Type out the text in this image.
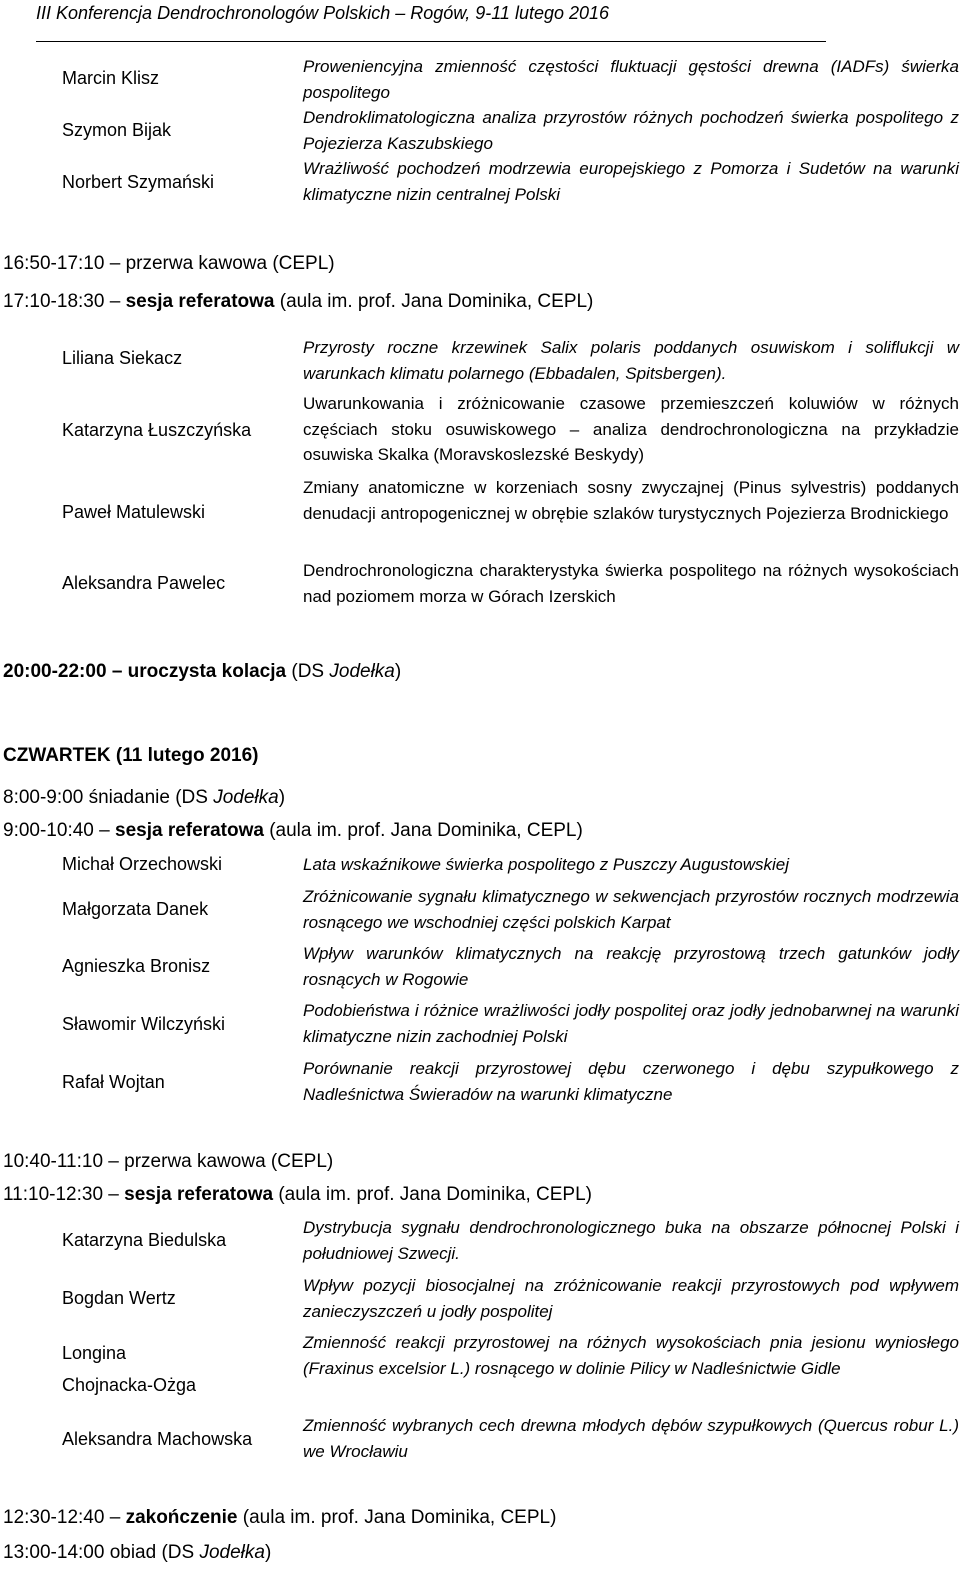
III Konferencja Dendrochronologów Polskich – Rogów, 9-11 lutego 2016
Marcin Klisz
Proweniencyjna zmienność częstości fluktuacji gęstości drewna (IADFs) świerka pospolitego
Szymon Bijak
Dendroklimatologiczna analiza przyrostów różnych pochodzeń świerka pospolitego z Pojezierza Kaszubskiego
Norbert Szymański
Wrażliwość pochodzeń modrzewia europejskiego z Pomorza i Sudetów na warunki klimatyczne nizin centralnej Polski
16:50-17:10 – przerwa kawowa (CEPL)
17:10-18:30 – sesja referatowa (aula im. prof. Jana Dominika, CEPL)
Liliana Siekacz
Przyrosty roczne krzewinek Salix polaris poddanych osuwiskom i soliflukcji w warunkach klimatu polarnego (Ebbadalen, Spitsbergen).
Katarzyna Łuszczyńska
Uwarunkowania i zróżnicowanie czasowe przemieszczeń koluwiów w różnych częściach stoku osuwiskowego – analiza dendrochronologiczna na przykładzie osuwiska Skalka (Moravskoslezské Beskydy)
Paweł Matulewski
Zmiany anatomiczne w korzeniach sosny zwyczajnej (Pinus sylvestris) poddanych denudacji antropogenicznej w obrębie szlaków turystycznych Pojezierza Brodnickiego
Aleksandra Pawelec
Dendrochronologiczna charakterystyka świerka pospolitego na różnych wysokościach nad poziomem morza w Górach Izerskich
20:00-22:00 – uroczysta kolacja (DS Jodełka)
CZWARTEK (11 lutego 2016)
8:00-9:00 śniadanie (DS Jodełka)
9:00-10:40 – sesja referatowa (aula im. prof. Jana Dominika, CEPL)
Michał Orzechowski	Lata wskaźnikowe świerka pospolitego z Puszczy Augustowskiej
Małgorzata Danek
Zróżnicowanie sygnału klimatycznego w sekwencjach przyrostów rocznych modrzewia rosnącego we wschodniej części polskich Karpat
Agnieszka Bronisz
Wpływ warunków klimatycznych na reakcję przyrostową trzech gatunków jodły rosnących w Rogowie
Sławomir Wilczyński
Podobieństwa i różnice wrażliwości jodły pospolitej oraz jodły jednobarwnej na warunki klimatyczne nizin zachodniej Polski
Rafał Wojtan
Porównanie reakcji przyrostowej dębu czerwonego i dębu szypułkowego z Nadleśnictwa Świeradów na warunki klimatyczne
10:40-11:10 – przerwa kawowa (CEPL)
11:10-12:30 – sesja referatowa (aula im. prof. Jana Dominika, CEPL)
Katarzyna Biedulska
Dystrybucja sygnału dendrochronologicznego buka na obszarze północnej Polski i południowej Szwecji.
Bogdan Wertz
Wpływ pozycji biosocjalnej na zróżnicowanie reakcji przyrostowych pod wpływem zanieczyszczeń u jodły pospolitej
Longina
Chojnacka-Ożga
Zmienność reakcji przyrostowej na różnych wysokościach pnia jesionu wyniosłego (Fraxinus excelsior L.) rosnącego w dolinie Pilicy w Nadleśnictwie Gidle
Aleksandra Machowska
Zmienność wybranych cech drewna młodych dębów szypułkowych (Quercus robur L.) we Wrocławiu
12:30-12:40 – zakończenie (aula im. prof. Jana Dominika, CEPL)
13:00-14:00 obiad (DS Jodełka)
